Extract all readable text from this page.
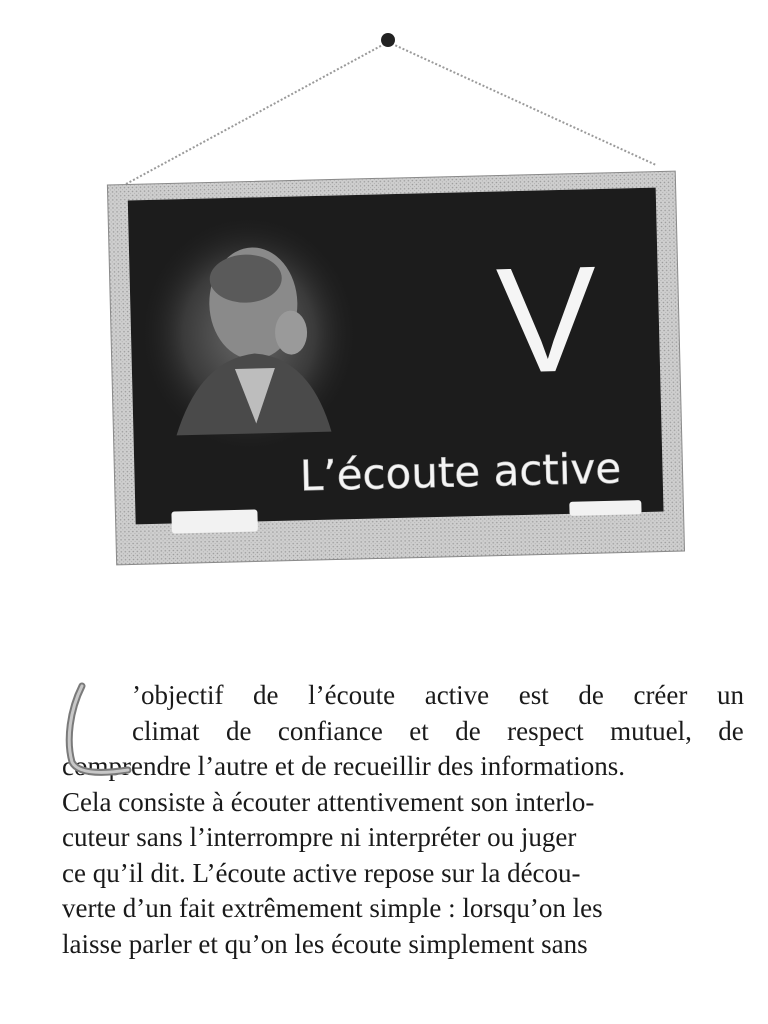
V
L’écoute active
’objectif de l’écoute active est de créer un
climat de confiance et de respect mutuel, de
comprendre l’autre et de recueillir des informations.
Cela consiste à écouter attentivement son interlo-
cuteur sans l’interrompre ni interpréter ou juger
ce qu’il dit. L’écoute active repose sur la décou-
verte d’un fait extrêmement simple : lorsqu’on les
laisse parler et qu’on les écoute simplement sans
